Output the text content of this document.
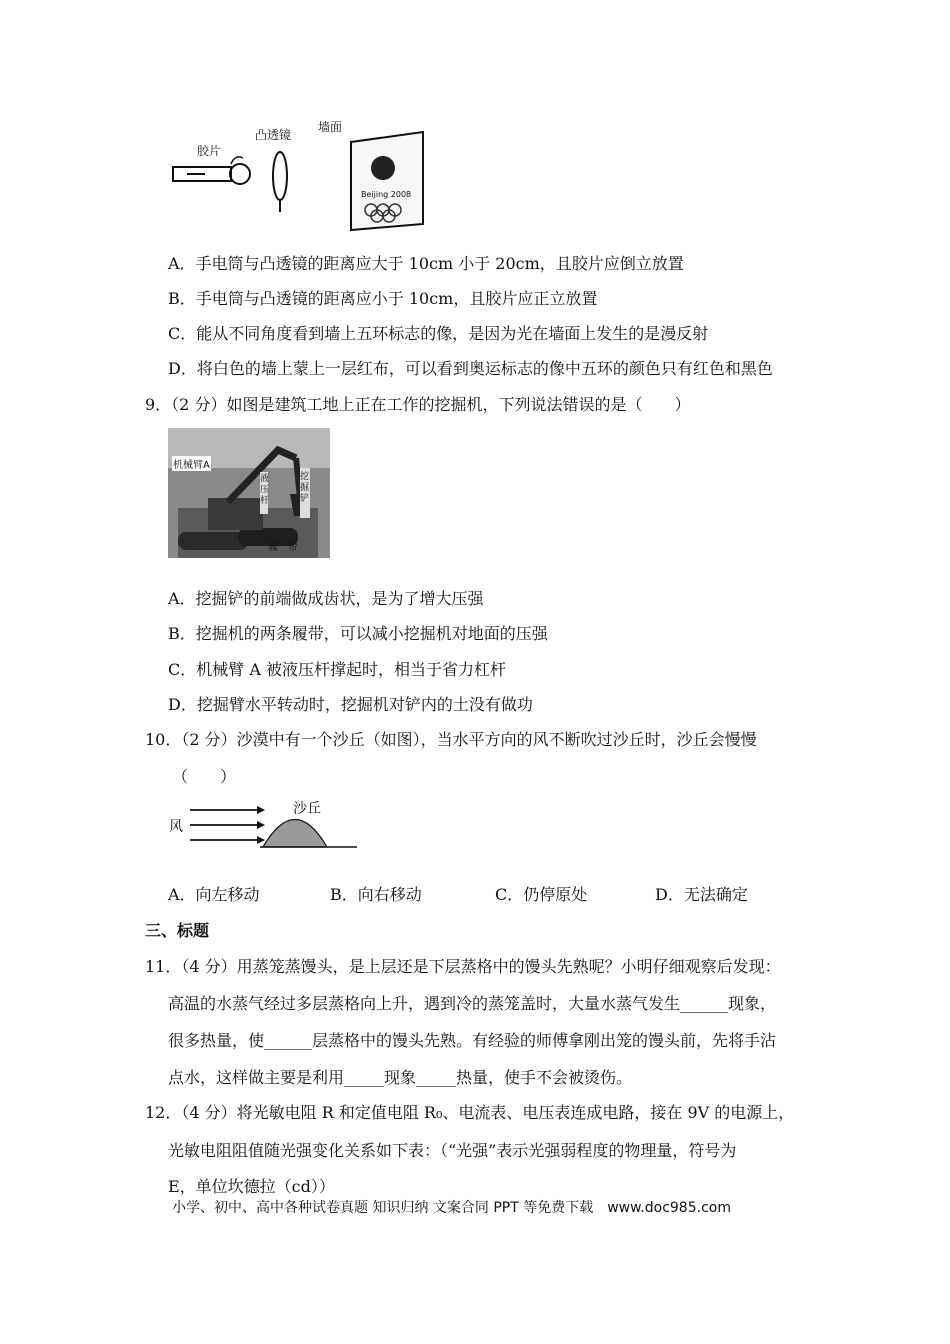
胶片
凸透镜
墙面
Beijing 2008
A．手电筒与凸透镜的距离应大于 10cm 小于 20cm，且胶片应倒立放置
B．手电筒与凸透镜的距离应小于 10cm，且胶片应正立放置
C．能从不同角度看到墙上五环标志的像，是因为光在墙面上发生的是漫反射
D．将白色的墙上蒙上一层红布，可以看到奥运标志的像中五环的颜色只有红色和黑色
9．（2 分）如图是建筑工地上正在工作的挖掘机，下列说法错误的是（　　）
机械臂A
液压杆
挖掘铲
履　带
A．挖掘铲的前端做成齿状，是为了增大压强
B．挖掘机的两条履带，可以减小挖掘机对地面的压强
C．机械臂 A 被液压杆撑起时，相当于省力杠杆
D．挖掘臂水平转动时，挖掘机对铲内的土没有做功
10．（2 分）沙漠中有一个沙丘（如图），当水平方向的风不断吹过沙丘时，沙丘会慢慢
（　　）
风
沙丘
A．向左移动	B．向右移动	C．仍停原处	D．无法确定
三、标题
11．（4 分）用蒸笼蒸馒头，是上层还是下层蒸格中的馒头先熟呢？小明仔细观察后发现：
高温的水蒸气经过多层蒸格向上升，遇到冷的蒸笼盖时，大量水蒸气发生______现象，
很多热量，使______层蒸格中的馒头先熟。有经验的师傅拿刚出笼的馒头前，先将手沾
点水，这样做主要是利用_____现象_____热量，使手不会被烫伤。
12．（4 分）将光敏电阻 R 和定值电阻 R₀、电流表、电压表连成电路，接在 9V 的电源上，
光敏电阻阻值随光强变化关系如下表：（“光强”表示光强弱程度的物理量，符号为
E，单位坎德拉（cd））
小学、初中、高中各种试卷真题 知识归纳 文案合同 PPT 等免费下载　www.doc985.com
